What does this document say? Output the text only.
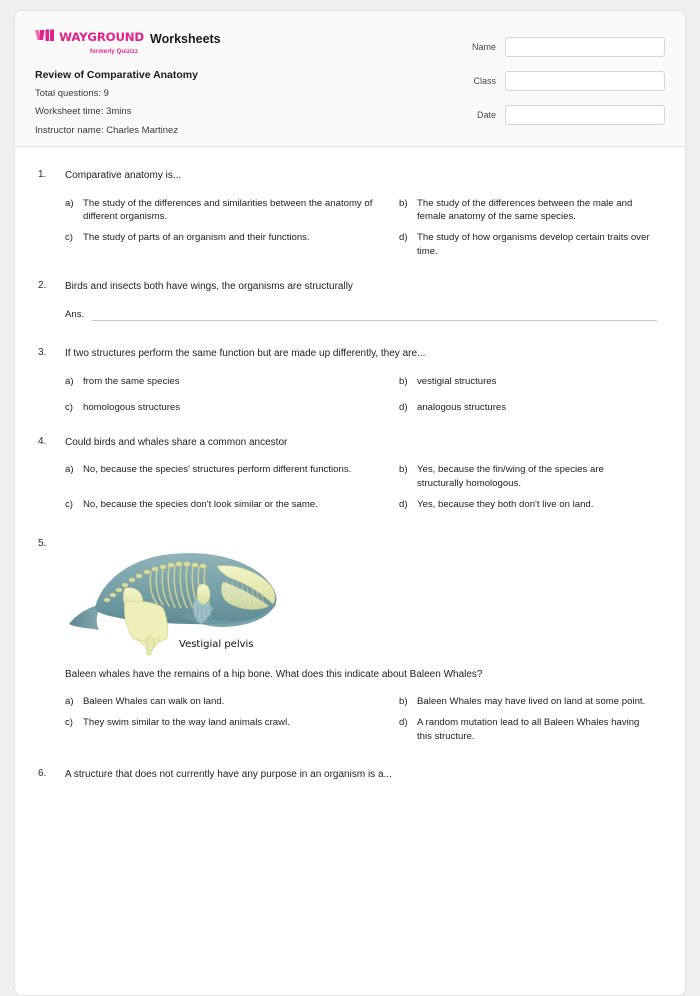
WAYGROUND
formerly Quizizz
Worksheets
Review of Comparative Anatomy
Total questions: 9
Worksheet time: 3mins
Instructor name: Charles Martinez
Name
Class
Date
1. Comparative anatomy is...
a) The study of the differences and similarities between the anatomy of different organisms.
b) The study of the differences between the male and female anatomy of the same species.
c) The study of parts of an organism and their functions.	d) The study of how organisms develop certain traits over time.
2. Birds and insects both have wings, the organisms are structurally
Ans.
3. If two structures perform the same function but are made up differently, they are...
a) from the same species	b) vestigial structures
c) homologous structures	d) analogous structures
4. Could birds and whales share a common ancestor
a) No, because the species' structures perform different functions.	b) Yes, because the fin/wing of the species are structurally homologous.
c) No, because the species don't look similar or the same.	d) Yes, because they both don't live on land.
5.
Vestigial pelvis
Baleen whales have the remains of a hip bone. What does this indicate about Baleen Whales?
a) Baleen Whales can walk on land.	b) Baleen Whales may have lived on land at some point.
c) They swim similar to the way land animals crawl.	d) A random mutation lead to all Baleen Whales having this structure.
6. A structure that does not currently have any purpose in an organism is a...
